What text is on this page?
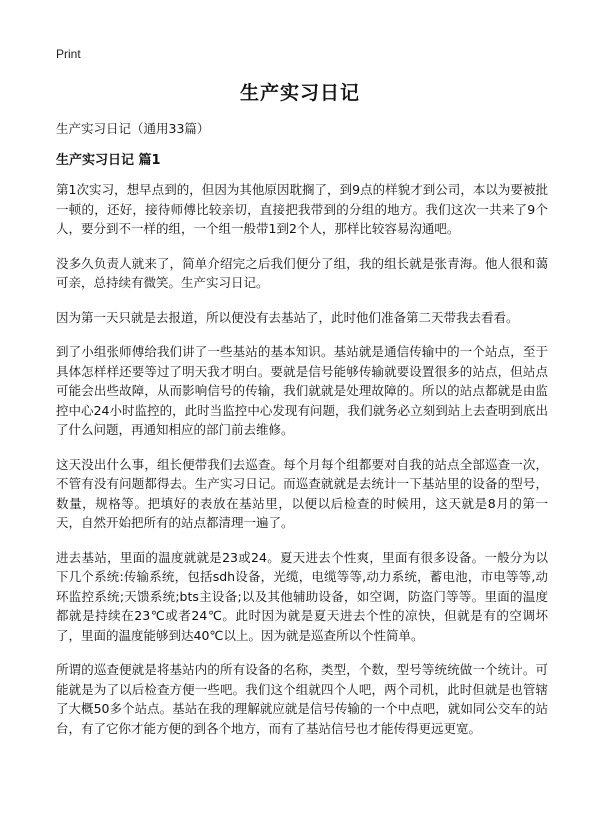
Print

生产实习日记

生产实习日记（通用33篇）

生产实习日记 篇1

第1次实习，想早点到的，但因为其他原因耽搁了，到9点的样貌才到公司，本以为要被批一顿的，还好，接待师傅比较亲切，直接把我带到的分组的地方。我们这次一共来了9个人，要分到不一样的组，一个组一般带1到2个人，那样比较容易沟通吧。

没多久负责人就来了，简单介绍完之后我们便分了组，我的组长就是张青海。他人很和蔼可亲，总持续有微笑。生产实习日记。

因为第一天只就是去报道，所以便没有去基站了，此时他们准备第二天带我去看看。

到了小组张师傅给我们讲了一些基站的基本知识。基站就是通信传输中的一个站点，至于具体怎样样还要等过了明天我才明白。要就是信号能够传输就要设置很多的站点，但站点可能会出些故障，从而影响信号的传输，我们就就是处理故障的。所以的站点都就是由监控中心24小时监控的，此时当监控中心发现有问题，我们就务必立刻到站上去查明到底出了什么问题，再通知相应的部门前去维修。

这天没出什么事，组长便带我们去巡查。每个月每个组都要对自我的站点全部巡查一次，不管有没有问题都得去。生产实习日记。而巡查就就是去统计一下基站里的设备的型号，数量，规格等。把填好的表放在基站里，以便以后检查的时候用，这天就是8月的第一天，自然开始把所有的站点都清理一遍了。

进去基站，里面的温度就就是23或24。夏天进去个性爽，里面有很多设备。一般分为以下几个系统:传输系统，包括sdh设备，光缆，电缆等等,动力系统，蓄电池，市电等等,动环监控系统;天馈系统;bts主设备;以及其他辅助设备，如空调，防盗门等等。里面的温度都就是持续在23℃或者24℃。此时因为就是夏天进去个性的凉快，但就是有的空调坏了，里面的温度能够到达40℃以上。因为就是巡查所以个性简单。

所谓的巡查便就是将基站内的所有设备的名称，类型，个数，型号等统统做一个统计。可能就是为了以后检查方便一些吧。我们这个组就四个人吧，两个司机，此时但就是也管辖了大概50多个站点。基站在我的理解就应就是信号传输的一个中点吧，就如同公交车的站台，有了它你才能方便的到各个地方，而有了基站信号也才能传得更远更宽。
